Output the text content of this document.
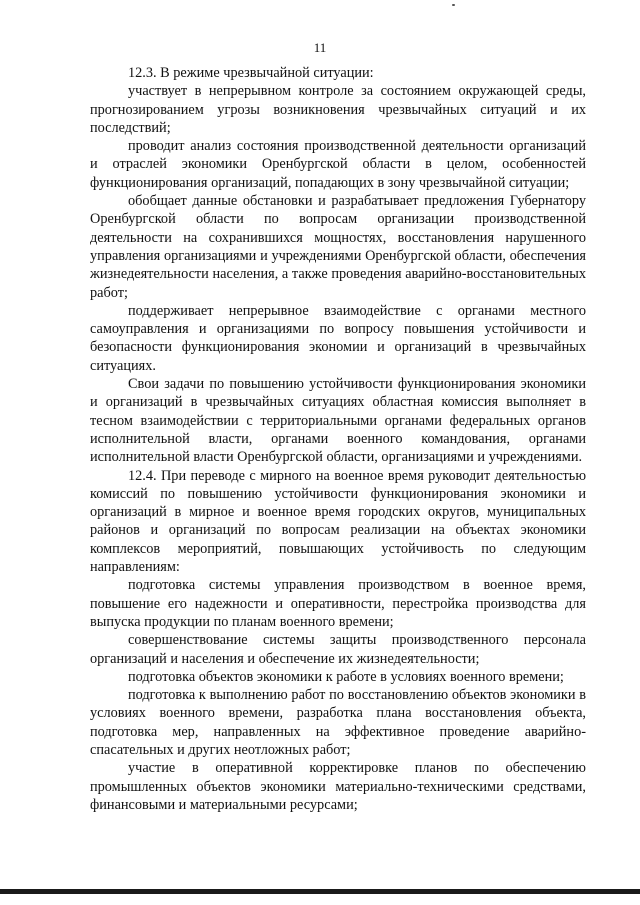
11

12.3. В режиме чрезвычайной ситуации:

участвует в непрерывном контроле за состоянием окружающей среды, прогнозированием угрозы возникновения чрезвычайных ситуаций и их последствий;

проводит анализ состояния производственной деятельности организаций и отраслей экономики Оренбургской области в целом, особенностей функционирования организаций, попадающих в зону чрезвычайной ситуации;

обобщает данные обстановки и разрабатывает предложения Губернатору Оренбургской области по вопросам организации производственной деятельности на сохранившихся мощностях, восстановления нарушенного управления организациями и учреждениями Оренбургской области, обеспечения жизнедеятельности населения, а также проведения аварийно-восстановительных работ;

поддерживает непрерывное взаимодействие с органами местного самоуправления и организациями по вопросу повышения устойчивости и безопасности функционирования экономии и организаций в чрезвычайных ситуациях.

Свои задачи по повышению устойчивости функционирования экономики и организаций в чрезвычайных ситуациях областная комиссия выполняет в тесном взаимодействии с территориальными органами федеральных органов исполнительной власти, органами военного командования, органами исполнительной власти Оренбургской области, организациями и учреждениями.

12.4. При переводе с мирного на военное время руководит деятельностью комиссий по повышению устойчивости функционирования экономики и организаций в мирное и военное время городских округов, муниципальных районов и организаций по вопросам реализации на объектах экономики комплексов мероприятий, повышающих устойчивость по следующим направлениям:

подготовка системы управления производством в военное время, повышение его надежности и оперативности, перестройка производства для выпуска продукции по планам военного времени;

совершенствование системы защиты производственного персонала организаций и населения и обеспечение их жизнедеятельности;

подготовка объектов экономики к работе в условиях военного времени;

подготовка к выполнению работ по восстановлению объектов экономики в условиях военного времени, разработка плана восстановления объекта, подготовка мер, направленных на эффективное проведение аварийно-спасательных и других неотложных работ;

участие в оперативной корректировке планов по обеспечению промышленных объектов экономики материально-техническими средствами, финансовыми и материальными ресурсами;
